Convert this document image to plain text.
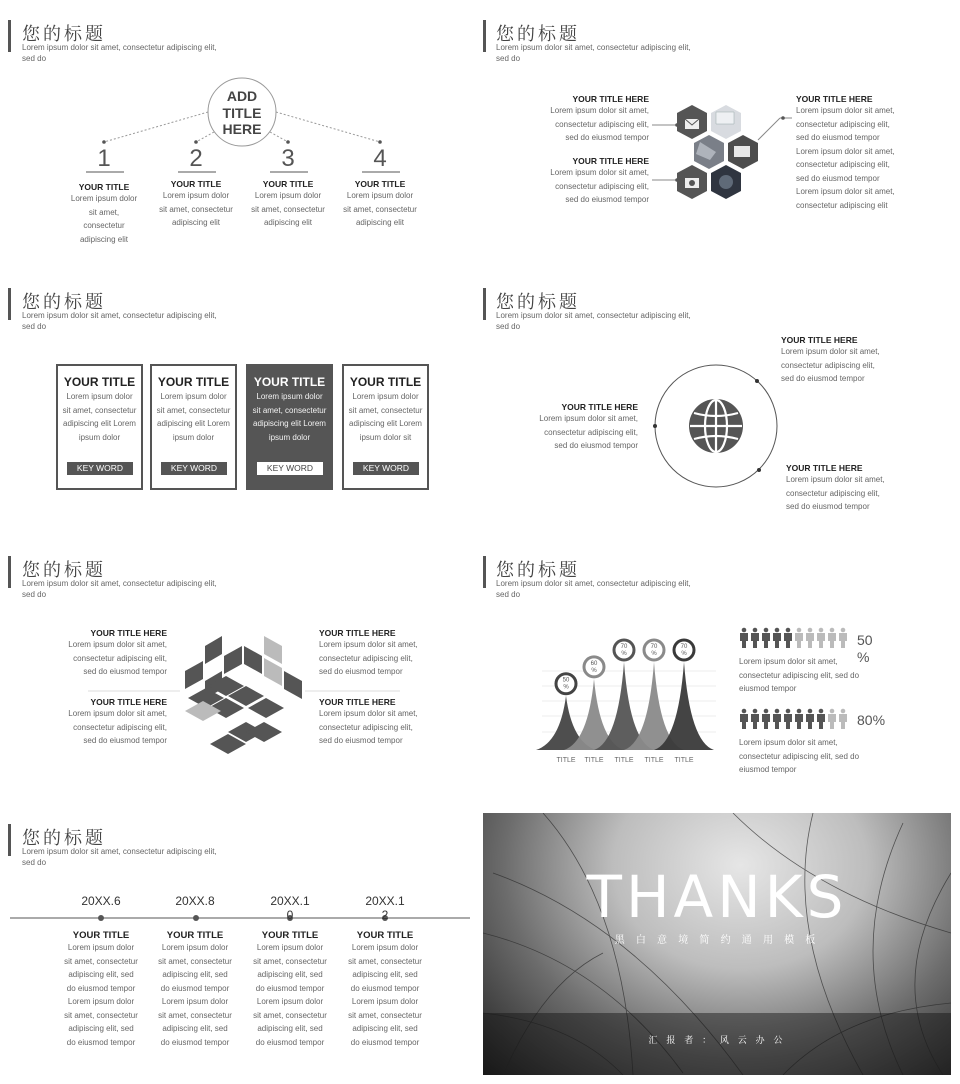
您的标题
Lorem ipsum dolor sit amet, consectetur adipiscing elit, sed do
ADD
TITLE
HERE
1
YOUR TITLE
Lorem ipsum dolor
sit amet,
consectetur
adipiscing elit
2
YOUR TITLE
Lorem ipsum dolor
sit amet, consectetur
adipiscing elit
3
YOUR TITLE
Lorem ipsum dolor
sit amet, consectetur
adipiscing elit
4
YOUR TITLE
Lorem ipsum dolor
sit amet, consectetur
adipiscing elit
您的标题
Lorem ipsum dolor sit amet, consectetur adipiscing elit, sed do
YOUR TITLE HERE
Lorem ipsum dolor sit amet,
consectetur adipiscing elit,
sed do eiusmod tempor
YOUR TITLE HERE
Lorem ipsum dolor sit amet,
consectetur adipiscing elit,
sed do eiusmod tempor
YOUR TITLE HERE
Lorem ipsum dolor sit amet,
consectetur adipiscing elit,
sed do eiusmod tempor
Lorem ipsum dolor sit amet,
consectetur adipiscing elit,
sed do eiusmod tempor
Lorem ipsum dolor sit amet,
consectetur adipiscing elit
您的标题
Lorem ipsum dolor sit amet, consectetur adipiscing elit, sed do
YOUR TITLE
Lorem ipsum dolor
sit amet, consectetur
adipiscing elit Lorem
ipsum dolor
KEY WORD
YOUR TITLE
Lorem ipsum dolor
sit amet, consectetur
adipiscing elit Lorem
ipsum dolor
KEY WORD
YOUR TITLE
Lorem ipsum dolor
sit amet, consectetur
adipiscing elit Lorem
ipsum dolor
KEY WORD
YOUR TITLE
Lorem ipsum dolor
sit amet, consectetur
adipiscing elit Lorem
ipsum dolor sit
KEY WORD
您的标题
Lorem ipsum dolor sit amet, consectetur adipiscing elit, sed do
YOUR TITLE HERE
Lorem ipsum dolor sit amet,
consectetur adipiscing elit,
sed do eiusmod tempor
YOUR TITLE HERE
Lorem ipsum dolor sit amet,
consectetur adipiscing elit,
sed do eiusmod tempor
YOUR TITLE HERE
Lorem ipsum dolor sit amet,
consectetur adipiscing elit,
sed do eiusmod tempor
您的标题
Lorem ipsum dolor sit amet, consectetur adipiscing elit, sed do
YOUR TITLE HERE
Lorem ipsum dolor sit amet,
consectetur adipiscing elit,
sed do eiusmod tempor
YOUR TITLE HERE
Lorem ipsum dolor sit amet,
consectetur adipiscing elit,
sed do eiusmod tempor
YOUR TITLE HERE
Lorem ipsum dolor sit amet,
consectetur adipiscing elit,
sed do eiusmod tempor
YOUR TITLE HERE
Lorem ipsum dolor sit amet,
consectetur adipiscing elit,
sed do eiusmod tempor
您的标题
Lorem ipsum dolor sit amet, consectetur adipiscing elit, sed do
50
%
TITLE
60
%
TITLE
70
%
TITLE
70
%
TITLE
70
%
TITLE
50
%
Lorem ipsum dolor sit amet,
consectetur adipiscing elit, sed do
eiusmod tempor
80%
Lorem ipsum dolor sit amet,
consectetur adipiscing elit, sed do
eiusmod tempor
您的标题
Lorem ipsum dolor sit amet, consectetur adipiscing elit, sed do
20XX.6
YOUR TITLE
Lorem ipsum dolor
sit amet, consectetur
adipiscing elit, sed
do eiusmod tempor
Lorem ipsum dolor
sit amet, consectetur
adipiscing elit, sed
do eiusmod tempor
20XX.8
YOUR TITLE
Lorem ipsum dolor
sit amet, consectetur
adipiscing elit, sed
do eiusmod tempor
Lorem ipsum dolor
sit amet, consectetur
adipiscing elit, sed
do eiusmod tempor
20XX.1
0
YOUR TITLE
Lorem ipsum dolor
sit amet, consectetur
adipiscing elit, sed
do eiusmod tempor
Lorem ipsum dolor
sit amet, consectetur
adipiscing elit, sed
do eiusmod tempor
20XX.1
2
YOUR TITLE
Lorem ipsum dolor
sit amet, consectetur
adipiscing elit, sed
do eiusmod tempor
Lorem ipsum dolor
sit amet, consectetur
adipiscing elit, sed
do eiusmod tempor
THANKS
黑 白 意 境 简 约 通 用 模 板
汇 报 者 ： 风 云 办 公
